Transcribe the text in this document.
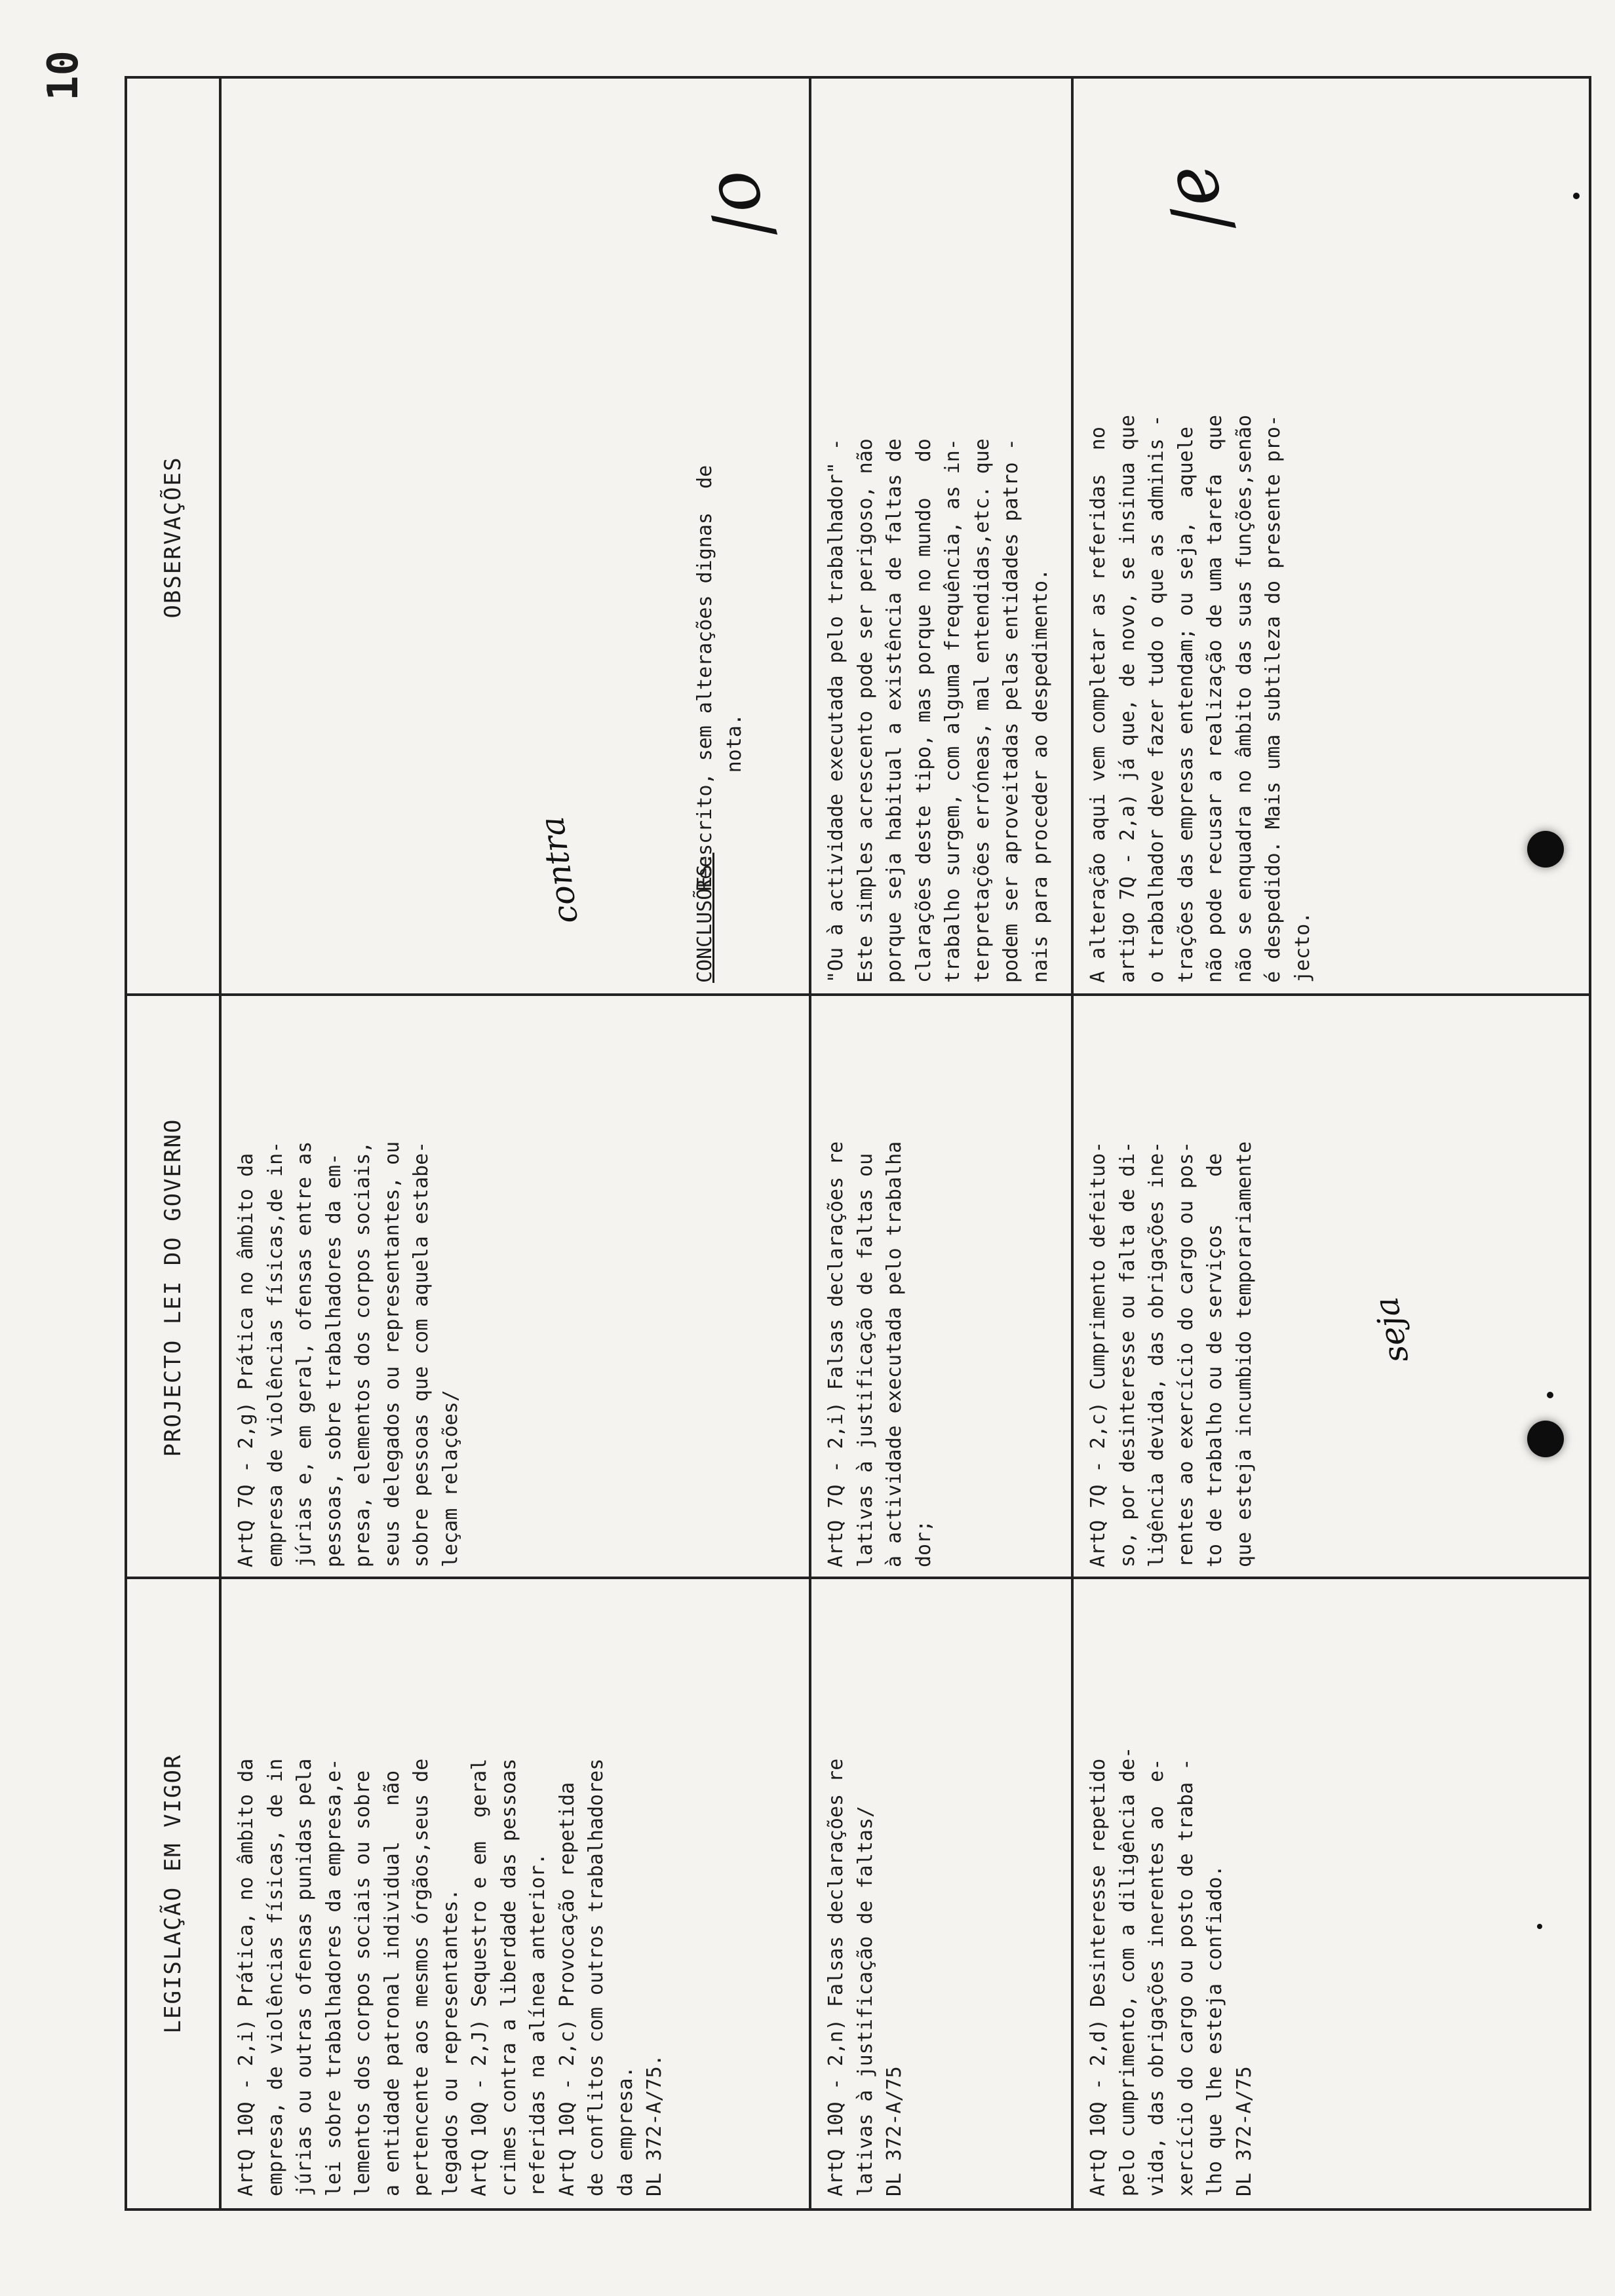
10
LEGISLAÇÃO EM VIGOR
PROJECTO LEI DO GOVERNO
OBSERVAÇÕES
ArtQ 10Q - 2,i) Prática, no âmbito da
empresa, de violências físicas, de in
júrias ou outras ofensas punidas pela
lei sobre trabalhadores da empresa,e-
lementos dos corpos sociais ou sobre
a entidade patronal individual   não
pertencente aos mesmos órgãos,seus de
legados ou representantes.
ArtQ 10Q - 2,J) Sequestro e em  geral
crimes contra a liberdade das pessoas
referidas na alínea anterior.
ArtQ 10Q - 2,c) Provocação repetida
de conflitos com outros trabalhadores
da empresa.
DL 372-A/75.
ArtQ 7Q - 2,g) Prática no âmbito da
empresa de violências físicas,de in-
júrias e, em geral, ofensas entre as
pessoas, sobre trabalhadores da em-
presa, elementos dos corpos sociais,
seus delegados ou representantes, ou
sobre pessoas que com aquela estabe-
leçam relações/
Reescrito, sem alterações dignas  de
nota.
CONCLUSÕES:
ArtQ 10Q - 2,n) Falsas declarações re
lativas à justificação de faltas/
DL 372-A/75
ArtQ 7Q - 2,i) Falsas declarações re
lativas à justificação de faltas ou
à actividade executada pelo trabalha
dor;
"Ou à actividade executada pelo trabalhador" -
Este simples acrescento pode ser perigoso, não
porque seja habitual a existência de faltas de
clarações deste tipo, mas porque no mundo   do
trabalho surgem, com alguma frequência, as in-
terpretações erróneas, mal entendidas,etc. que
podem ser aproveitadas pelas entidades patro -
nais para proceder ao despedimento.
ArtQ 10Q - 2,d) Desinteresse repetido
pelo cumprimento, com a diligência de-
vida, das obrigações inerentes ao  e-
xercício do cargo ou posto de traba -
lho que lhe esteja confiado.
DL 372-A/75
ArtQ 7Q - 2,c) Cumprimento defeituo-
so, por desinteresse ou falta de di-
ligência devida, das obrigações ine-
rentes ao exercício do cargo ou pos-
to de trabalho ou de serviços    de
que esteja incumbido temporariamente
A alteração aqui vem completar as referidas  no
artigo 7Q - 2,a) já que, de novo, se insinua que
o trabalhador deve fazer tudo o que as adminis -
trações das empresas entendam; ou seja,  aquele
não pode recusar a realização de uma tarefa  que
não se enquadra no âmbito das suas funções,senão
é despedido. Mais uma subtileza do presente pro-
jecto.
contra
seja
/o	/e
